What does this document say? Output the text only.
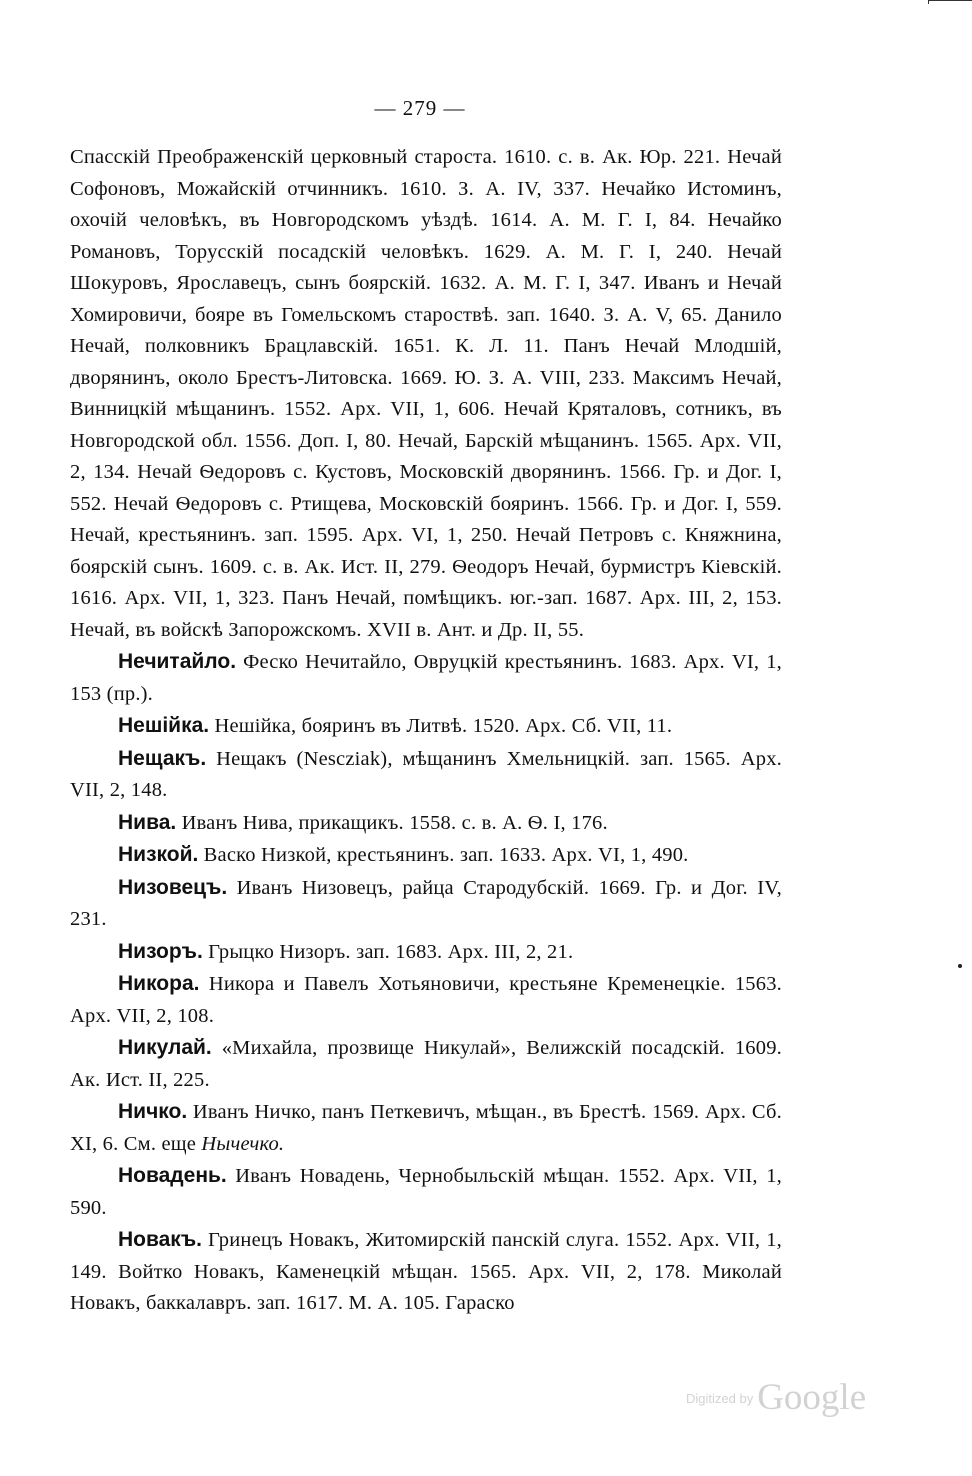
— 279 —

Спасскій Преображенскій церковный староста. 1610. с. в. Ак. Юр. 221. Нечай Софоновъ, Можайскій отчинникъ. 1610. З. А. IV, 337. Нечайко Истоминъ, охочій человѣкъ, въ Новгородскомъ уѣздѣ. 1614. А. М. Г. I, 84. Нечайко Романовъ, Торусскій посадскій человѣкъ. 1629. А. М. Г. I, 240. Нечай Шокуровъ, Ярославецъ, сынъ боярскій. 1632. А. М. Г. I, 347. Иванъ и Нечай Хомировичи, бояре въ Гомельскомъ староствѣ. зап. 1640. З. А. V, 65. Данило Нечай, полковникъ Брацлавскій. 1651. К. Л. 11. Панъ Нечай Млодшій, дворянинъ, около Брестъ-Литовска. 1669. Ю. З. А. VIII, 233. Максимъ Нечай, Винницкій мѣщанинъ. 1552. Арх. VII, 1, 606. Нечай Кряталовъ, сотникъ, въ Новгородской обл. 1556. Доп. I, 80. Нечай, Барскій мѣщанинъ. 1565. Арх. VII, 2, 134. Нечай Ѳедоровъ с. Кустовъ, Московскій дворянинъ. 1566. Гр. и Дог. I, 552. Нечай Ѳедоровъ с. Ртищева, Московскій бояринъ. 1566. Гр. и Дог. I, 559. Нечай, крестьянинъ. зап. 1595. Арх. VI, 1, 250. Нечай Петровъ с. Княжнина, боярскій сынъ. 1609. с. в. Ак. Ист. II, 279. Ѳеодоръ Нечай, бурмистръ Кіевскій. 1616. Арх. VII, 1, 323. Панъ Нечай, помѣщикъ. юг.-зап. 1687. Арх. III, 2, 153. Нечай, въ войскѣ Запорожскомъ. XVII в. Ант. и Др. II, 55.

Нечитайло. Феско Нечитайло, Овруцкій крестьянинъ. 1683. Арх. VI, 1, 153 (пр.).

Нешійка. Нешійка, бояринъ въ Литвѣ. 1520. Арх. Сб. VII, 11.

Нещакъ. Нещакъ (Nesczіak), мѣщанинъ Хмельницкій. зап. 1565. Арх. VII, 2, 148.

Нива. Иванъ Нива, прикащикъ. 1558. с. в. А. Ѳ. I, 176.

Низкой. Васко Низкой, крестьянинъ. зап. 1633. Арх. VI, 1, 490.

Низовецъ. Иванъ Низовецъ, райца Стародубскій. 1669. Гр. и Дог. IV, 231.

Низоръ. Грыцко Низоръ. зап. 1683. Арх. III, 2, 21.

Никора. Никора и Павелъ Хотьяновичи, крестьяне Кременецкіе. 1563. Арх. VII, 2, 108.

Никулай. «Михайла, прозвище Никулай», Велижскій посадскій. 1609. Ак. Ист. II, 225.

Ничко. Иванъ Ничко, панъ Петкевичъ, мѣщан., въ Брестѣ. 1569. Арх. Сб. XI, 6. См. еще Нычечко.

Новадень. Иванъ Новадень, Чернобыльскій мѣщан. 1552. Арх. VII, 1, 590.

Новакъ. Гринецъ Новакъ, Житомирскій панскій слуга. 1552. Арх. VII, 1, 149. Войтко Новакъ, Каменецкій мѣщан. 1565. Арх. VII, 2, 178. Миколай Новакъ, баккалавръ. зап. 1617. М. А. 105. Гараско

$^{Digitized by}$ Google
